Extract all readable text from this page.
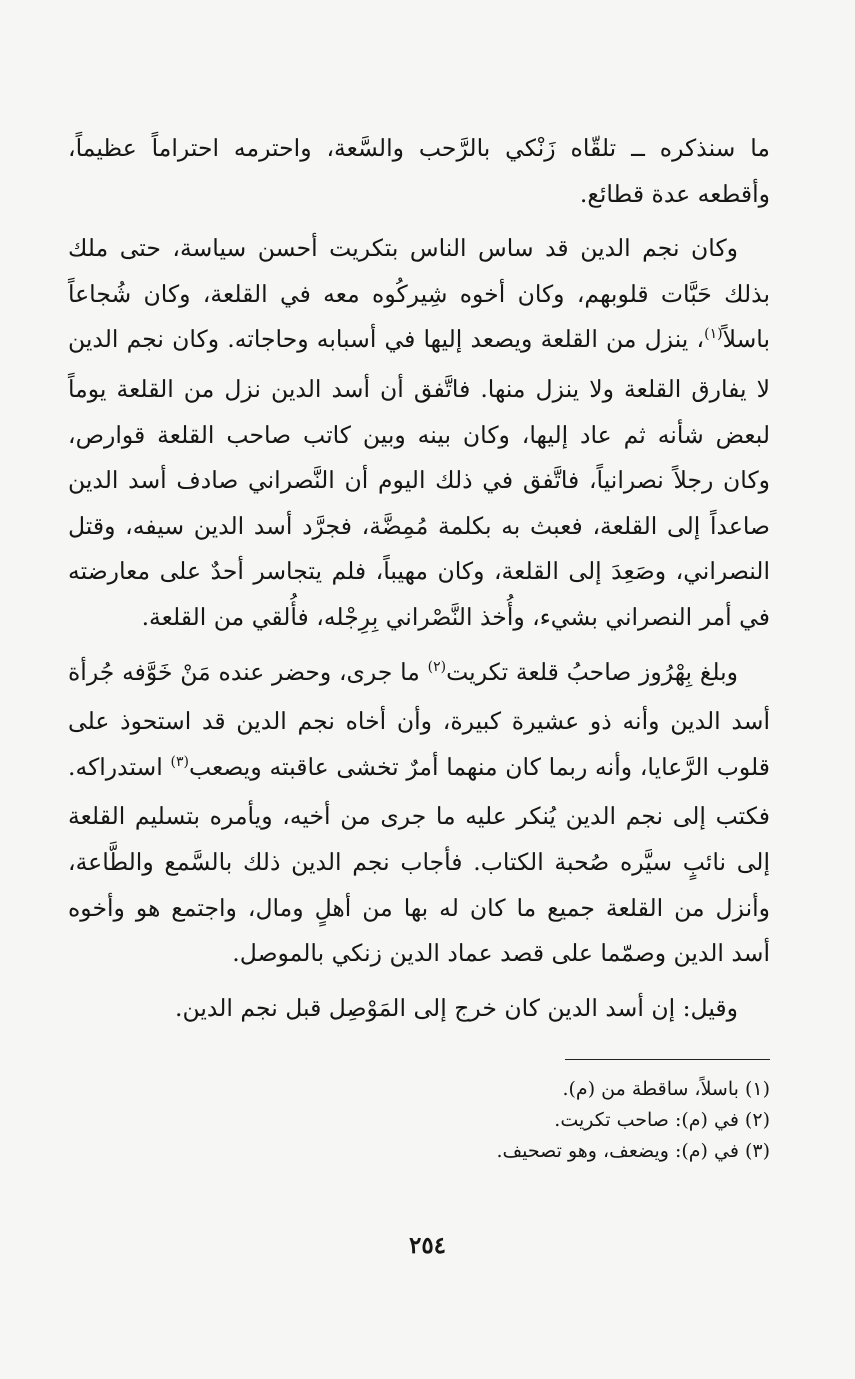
ما سنذكره ــ تلقّاه زَنْكي بالرَّحب والسَّعة، واحترمه احتراماً عظيماً، وأقطعه عدة قطائع.

وكان نجم الدين قد ساس الناس بتكريت أحسن سياسة، حتى ملك بذلك حَبَّات قلوبهم، وكان أخوه شِيركُوه معه في القلعة، وكان شُجاعاً باسلاً$^{(١)}$، ينزل من القلعة ويصعد إليها في أسبابه وحاجاته. وكان نجم الدين لا يفارق القلعة ولا ينزل منها. فاتَّفق أن أسد الدين نزل من القلعة يوماً لبعض شأنه ثم عاد إليها، وكان بينه وبين كاتب صاحب القلعة قوارص، وكان رجلاً نصرانياً، فاتَّفق في ذلك اليوم أن النَّصراني صادف أسد الدين صاعداً إلى القلعة، فعبث به بكلمة مُمِضَّة، فجرَّد أسد الدين سيفه، وقتل النصراني، وصَعِدَ إلى القلعة، وكان مهيباً، فلم يتجاسر أحدٌ على معارضته في أمر النصراني بشيء، وأُخذ النَّصْراني بِرِجْله، فأُلقي من القلعة.

وبلغ بِهْرُوز صاحبُ قلعة تكريت$^{(٢)}$ ما جرى، وحضر عنده مَنْ خَوَّفه جُرأة أسد الدين وأنه ذو عشيرة كبيرة، وأن أخاه نجم الدين قد استحوذ على قلوب الرَّعايا، وأنه ربما كان منهما أمرٌ تخشى عاقبته ويصعب$^{(٣)}$ استدراكه. فكتب إلى نجم الدين يُنكر عليه ما جرى من أخيه، ويأمره بتسليم القلعة إلى نائبٍ سيَّره صُحبة الكتاب. فأجاب نجم الدين ذلك بالسَّمع والطَّاعة، وأنزل من القلعة جميع ما كان له بها من أهلٍ ومال، واجتمع هو وأخوه أسد الدين وصمّما على قصد عماد الدين زنكي بالموصل.

وقيل: إن أسد الدين كان خرج إلى المَوْصِل قبل نجم الدين.

(١) باسلاً، ساقطة من (م).

(٢) في (م): صاحب تكريت.

(٣) في (م): ويضعف، وهو تصحيف.

٢٥٤
